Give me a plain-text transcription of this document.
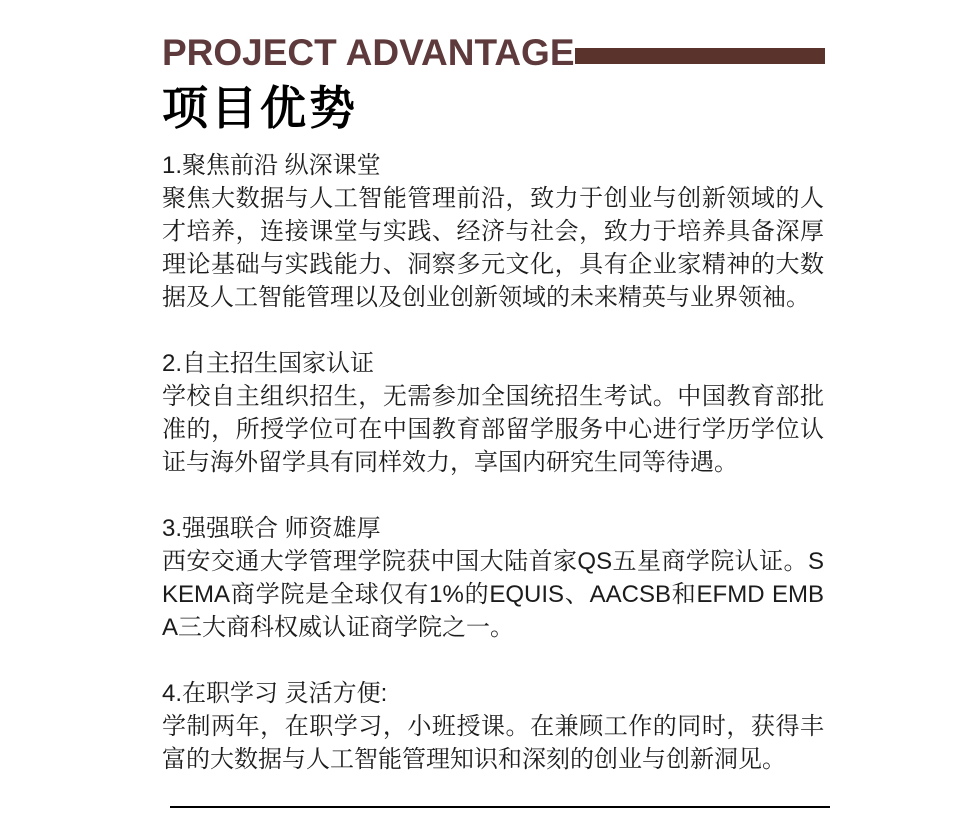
PROJECT ADVANTAGE
项目优势
1.聚焦前沿 纵深课堂

聚焦大数据与人工智能管理前沿，致力于创业与创新领域的人才培养，连接课堂与实践、经济与社会，致力于培养具备深厚理论基础与实践能力、洞察多元文化，具有企业家精神的大数据及人工智能管理以及创业创新领域的未来精英与业界领袖。

2.自主招生国家认证

学校自主组织招生，无需参加全国统招生考试。中国教育部批准的，所授学位可在中国教育部留学服务中心进行学历学位认证与海外留学具有同样效力，享国内研究生同等待遇。

3.强强联合 师资雄厚

西安交通大学管理学院获中国大陆首家QS五星商学院认证。SKEMA商学院是全球仅有1%的EQUIS、AACSB和EFMD EMBA三大商科权威认证商学院之一。

4.在职学习 灵活方便:

学制两年，在职学习，小班授课。在兼顾工作的同时，获得丰富的大数据与人工智能管理知识和深刻的创业与创新洞见。
